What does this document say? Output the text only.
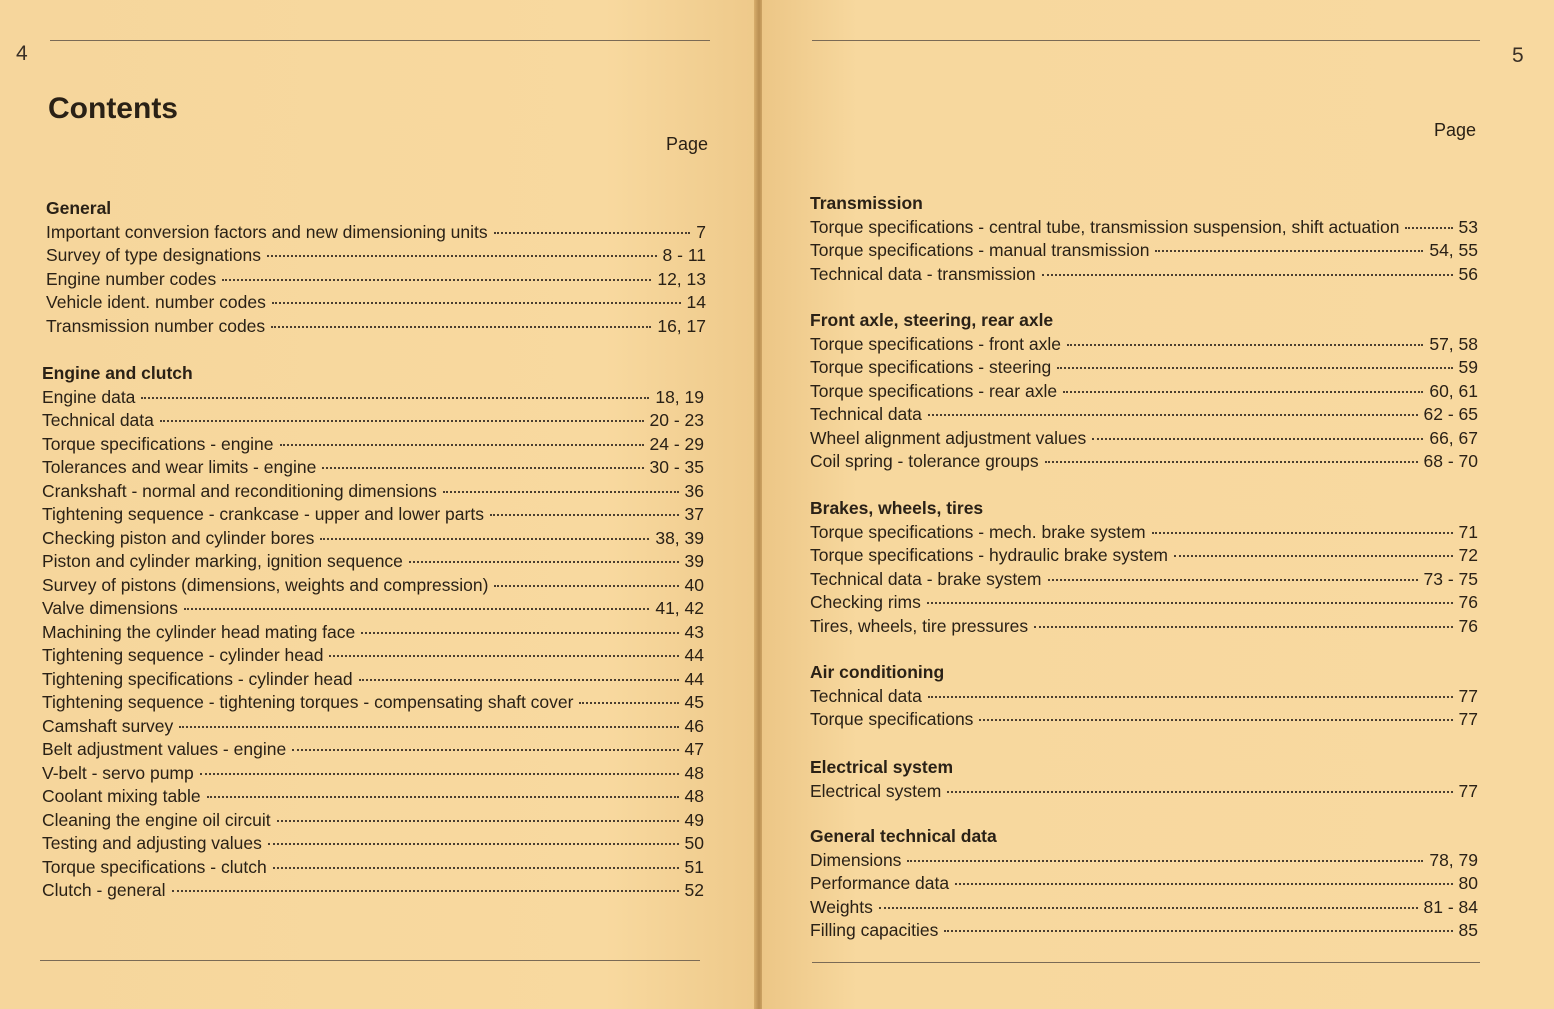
4
Contents
Page
General
Important conversion factors and new dimensioning units	7
Survey of type designations	8 - 11
Engine number codes	12, 13
Vehicle ident. number codes	14
Transmission number codes	16, 17
Engine and clutch
Engine data	18, 19
Technical data	20 - 23
Torque specifications - engine	24 - 29
Tolerances and wear limits - engine	30 - 35
Crankshaft - normal and reconditioning dimensions	36
Tightening sequence - crankcase - upper and lower parts	37
Checking piston and cylinder bores	38, 39
Piston and cylinder marking, ignition sequence	39
Survey of pistons (dimensions, weights and compression)	40
Valve dimensions	41, 42
Machining the cylinder head mating face	43
Tightening sequence - cylinder head	44
Tightening specifications - cylinder head	44
Tightening sequence - tightening torques - compensating shaft cover	45
Camshaft survey	46
Belt adjustment values - engine	47
V-belt - servo pump	48
Coolant mixing table	48
Cleaning the engine oil circuit	49
Testing and adjusting values	50
Torque specifications - clutch	51
Clutch - general	52
5
Page
Transmission
Torque specifications - central tube, transmission suspension, shift actuation	53
Torque specifications - manual transmission	54, 55
Technical data - transmission	56
Front axle, steering, rear axle
Torque specifications - front axle	57, 58
Torque specifications - steering	59
Torque specifications - rear axle	60, 61
Technical data	62 - 65
Wheel alignment adjustment values	66, 67
Coil spring - tolerance groups	68 - 70
Brakes, wheels, tires
Torque specifications - mech. brake system	71
Torque specifications - hydraulic brake system	72
Technical data - brake system	73 - 75
Checking rims	76
Tires, wheels, tire pressures	76
Air conditioning
Technical data	77
Torque specifications	77
Electrical system
Electrical system	77
General technical data
Dimensions	78, 79
Performance data	80
Weights	81 - 84
Filling capacities	85
